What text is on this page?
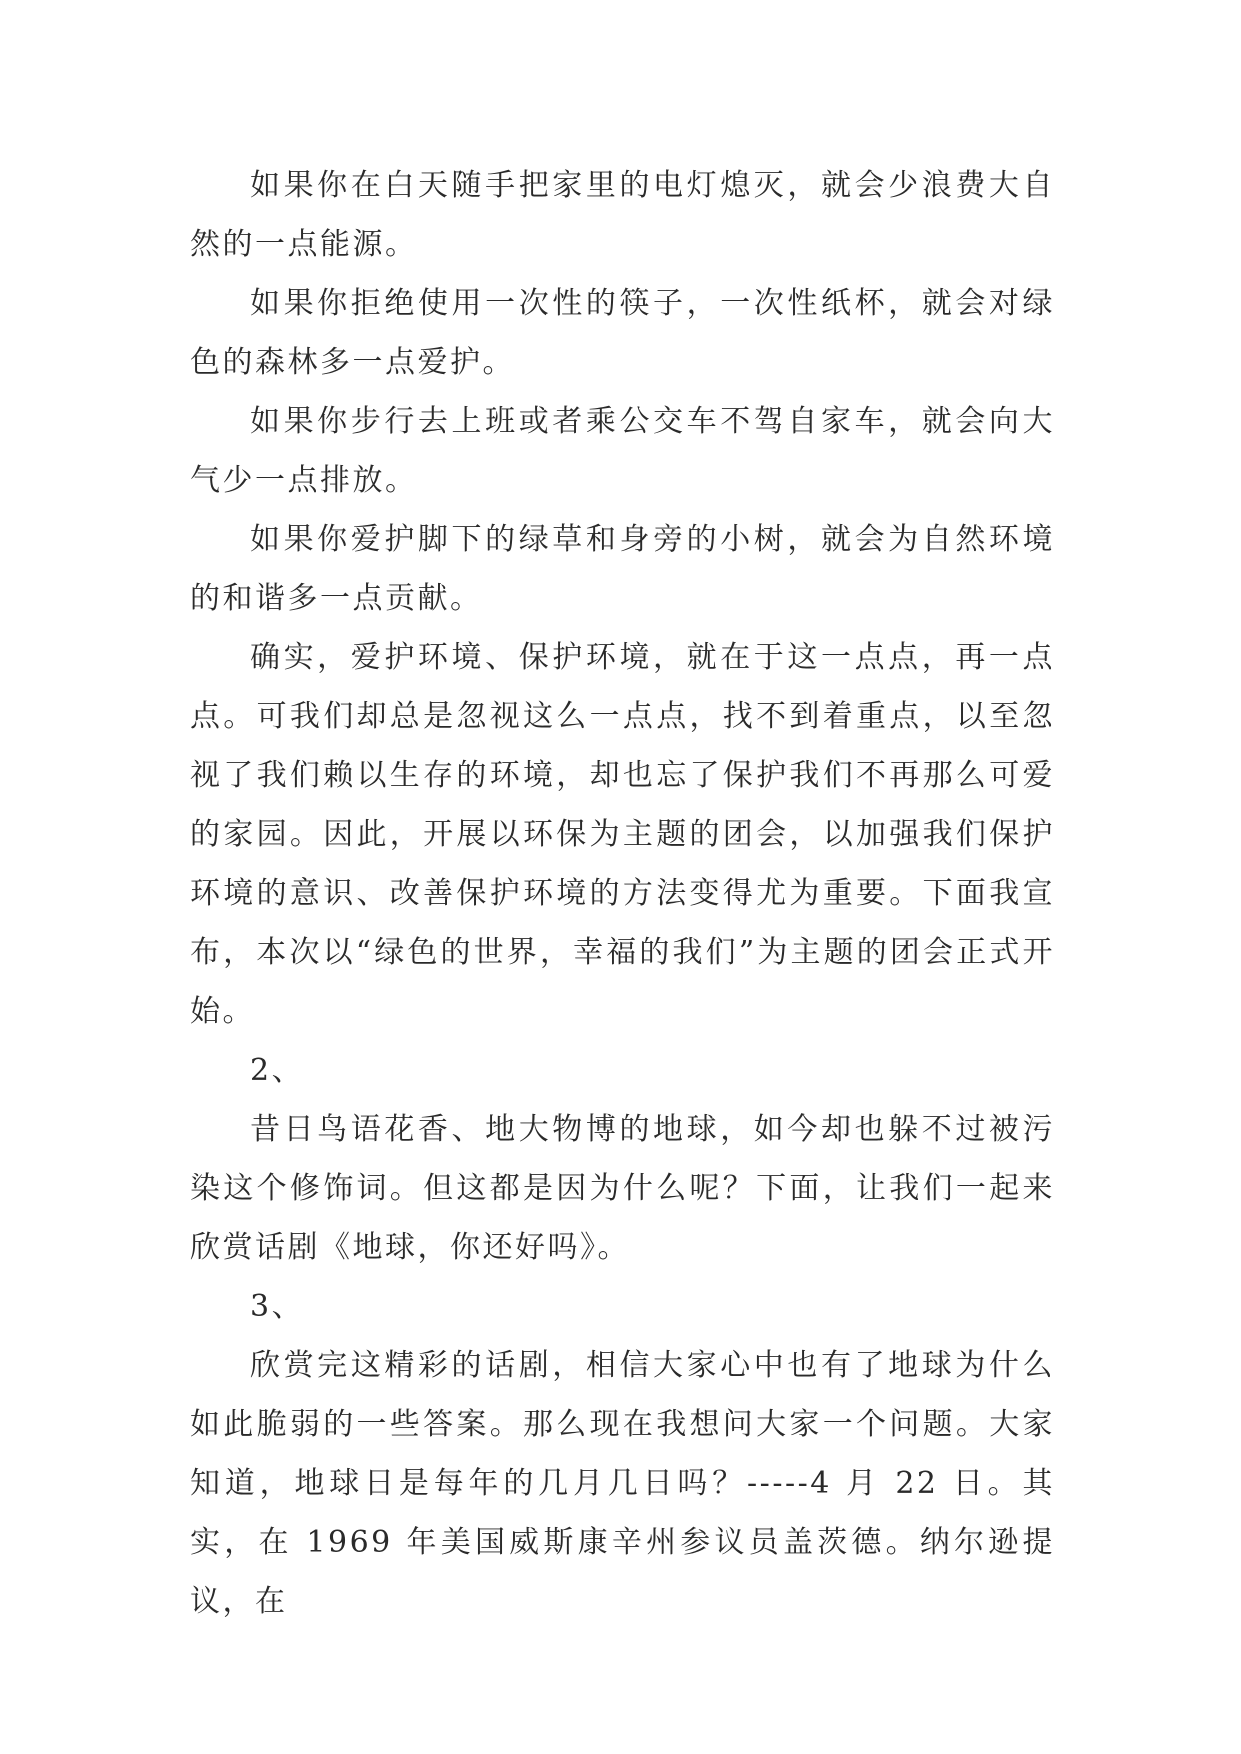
如果你在白天随手把家里的电灯熄灭，就会少浪费大自然的一点能源。

如果你拒绝使用一次性的筷子，一次性纸杯，就会对绿色的森林多一点爱护。

如果你步行去上班或者乘公交车不驾自家车，就会向大气少一点排放。

如果你爱护脚下的绿草和身旁的小树，就会为自然环境的和谐多一点贡献。

确实，爱护环境、保护环境，就在于这一点点，再一点点。可我们却总是忽视这么一点点，找不到着重点，以至忽视了我们赖以生存的环境，却也忘了保护我们不再那么可爱的家园。因此，开展以环保为主题的团会，以加强我们保护环境的意识、改善保护环境的方法变得尤为重要。下面我宣布，本次以“绿色的世界，幸福的我们”为主题的团会正式开始。

2、

昔日鸟语花香、地大物博的地球，如今却也躲不过被污染这个修饰词。但这都是因为什么呢？下面，让我们一起来欣赏话剧《地球，你还好吗》。

3、

欣赏完这精彩的话剧，相信大家心中也有了地球为什么如此脆弱的一些答案。那么现在我想问大家一个问题。大家知道，地球日是每年的几月几日吗？-----4 月 22 日。其实，在 1969 年美国威斯康辛州参议员盖茨德。纳尔逊提议，在
